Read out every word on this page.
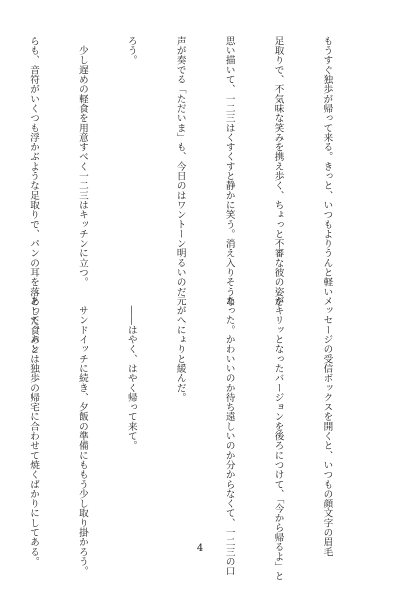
もうすぐ独歩が帰って来る。きっと、いつもよりうんと軽い

足取りで、不気味な笑みを携え歩く、ちょっと不審な彼の姿を

思い描いて、一二三はくすくすと静かに笑う。消え入りそうな

声が奏でる「ただいま」も、今日のはワントーン明るいのだ

ろう。

　少し遅めの軽食を用意すべく一二三はキッチンに立つ。

らも、音符がいくつも浮かぶような足取りで、パンの耳を落とした食パン

メッセージの受信ボックスを開くと、いつもの顔文字の眉毛

がキリッとなったバージョンを後ろにつけて、「今から帰るよ」と

あった。かわいいのか待ち遠しいのか分からなくて、一二三の口

元がへにょりと緩んだ。

　――はやく、はやく帰って来て。

　サンドイッチに続き、夕飯の準備にももう少し取り掛かろう。

あって、あとは独歩の帰宅に合わせて焼くばかりにしてある。

	4
